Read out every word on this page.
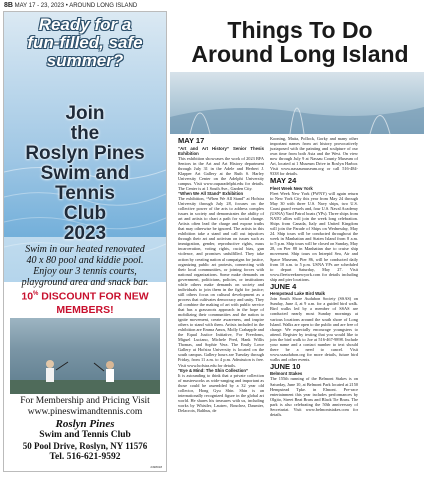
8B MAY 17 - 23, 2023 • AROUND LONG ISLAND
Ready for a
fun-filled, safe summer?
Join
the
Roslyn Pines
Swim and Tennis
Club
2023
Swim in our heated renovated
40 x 80 pool and kiddie pool.
Enjoy our 3 tennis courts,
playground area and snack bar.
10% DISCOUNT FOR NEW MEMBERS!
For Membership and Pricing Visit
www.pineswimandtennis.com
Roslyn Pines
Swim and Tennis Club
50 Pool Drive, Roslyn, NY 11576
Tel. 516-621-9592
2498018
Things To Do
Around Long Island
MAY 17

“Art and Art History” Senior Thesis Exhibition

This exhibition showcases the work of 2023 BFA Seniors in the Art and Art History department through July 31 in the Adele and Herbert J. Klapper Art Gallery at the Ruth S. Harley University Center on the Adelphi University campus. Visit www.ouparadelphi.edu for details. The Center is at 1 South Ave., Garden City.

“When We All Stand” Exhibition

The exhibition, “When We All Stand” at Hofstra University through July 28, focuses on the collective power of the arts to address complex issues in society and demonstrates the ability of art and artists to chart a path for social change. Artists often lead the charge and expose truths that may otherwise be ignored. The artists in this exhibition take a stand and call out injustices through their art and activism on issues such as immigration, gender, reproductive rights, mass incarceration, voting rights, racial bias, gun violence, and promises unfulfilled. They take action by creating nation al campaigns for justice, organizing public art protests, connecting with their local communities, or joining forces with national organizations. Some make demands on government, politicians, policies, or institutions while others make demands on society and individuals to join them in the fight for justice; still others focus on cultural development as a process that cultivates democracy and unity. They all combine the making of art with public service that has a grassroots approach in the hope of mobilizing their communities and the nation to ignite movement, create awareness, and inspire others to stand with them. Artists included in the exhibition are Emma Amos, Molly Crabapple and the Equal Justice Initiative, For Freedoms, Miguel Luciano, Michele Pred, Hank Willis Thomas, and Sophie Vera. The Emily Lowe Gallery at Hofstra University is located on the south campus. Gallery hours are Tuesday through Friday, from 11 a.m. to 4 p.m. Admission is free. Visit www.hofstra.edu for details.

“Eye & Mind: The Shin Collection”

It is astounding to think that a private collection of masterworks as wide-ranging and important as those could be assembled by a 32 year old collector, Hong Gyu Shin. Shin is an internationally recognized figure in the global art world. He shares his treasures with us, including works by Whistler, Lautrec, Bouchez, Daumier, Delacroix, Balthus, de

Kooning, Matta, Pollock, Gorky and many other important names from art history provocatively juxtaposed with the painting and sculpture of our own time from both Asia and the West. On view now through July 9 at Nassau County Museum of Art, located at 1 Museum Drive in Roslyn Harbor. Visit www.nassaumuseum.org or call 516-484-9338 for details.

MAY 24

Fleet Week New York

Fleet Week New York (FWNY) will again return to New York City this year from May 24 through May 30 with three U.S. Navy ships, two U.S. Coast guard vessels and, four U.S. Naval Academy (USNA) Yard Patrol boats (YPs). Three ships from NATO allies will join the week long celebration. Ships from Canada, Italy and United Kingdom will join the Parade of Ships on Wednesday, May 24. Ship tours will be conducted throughout the week in Manhattan and Staten Island from 8 a.m. to 5 p.m. Ship tours will be closed on Sunday, May 28, on Pier 88 in Manhattan due to cruise ship movement. Ship tours on Intrepid Sea, Air and Space Museum, Pier 86, will be conducted daily from 10 a.m. to 5 p.m. USNA YPs are scheduled to depart Saturday, May 27. Visit www.fleetweeknewyork.com for details including ship and pier locations.

JUNE 4

Hempstead Lake Bird Walk

Join South Shore Audubon Society (SSAS) on Sunday, June 4, at 9 a.m. for a guided bird walk. Bird walks led by a member of SSAS are conducted nearly most Sunday mornings at various locations around the south shore of Long Island. Walks are open to the public and are free of charge. We especially encourage youngsters to attend. Register by texting that you would like to join the bird walk to Joe at 516-467-9898. Include your name and a contact number to text should there be a need to cancel. Visit www.ssaudubon.org for more details, future bird walks and other events.

JUNE 10

Belmont Stakes

The 155th running of the Belmont Stakes is on Saturday, June 10, at Belmont Park located at 2150 Hempstead Tpke. in Elmont. Pre-race entertainment this year includes performances by Olgito, Street Beat Brass and Black Tie Brass. The park is also celebrating the 50th anniversary of Secretariat. Visit www.belmontstakes.com for details.
